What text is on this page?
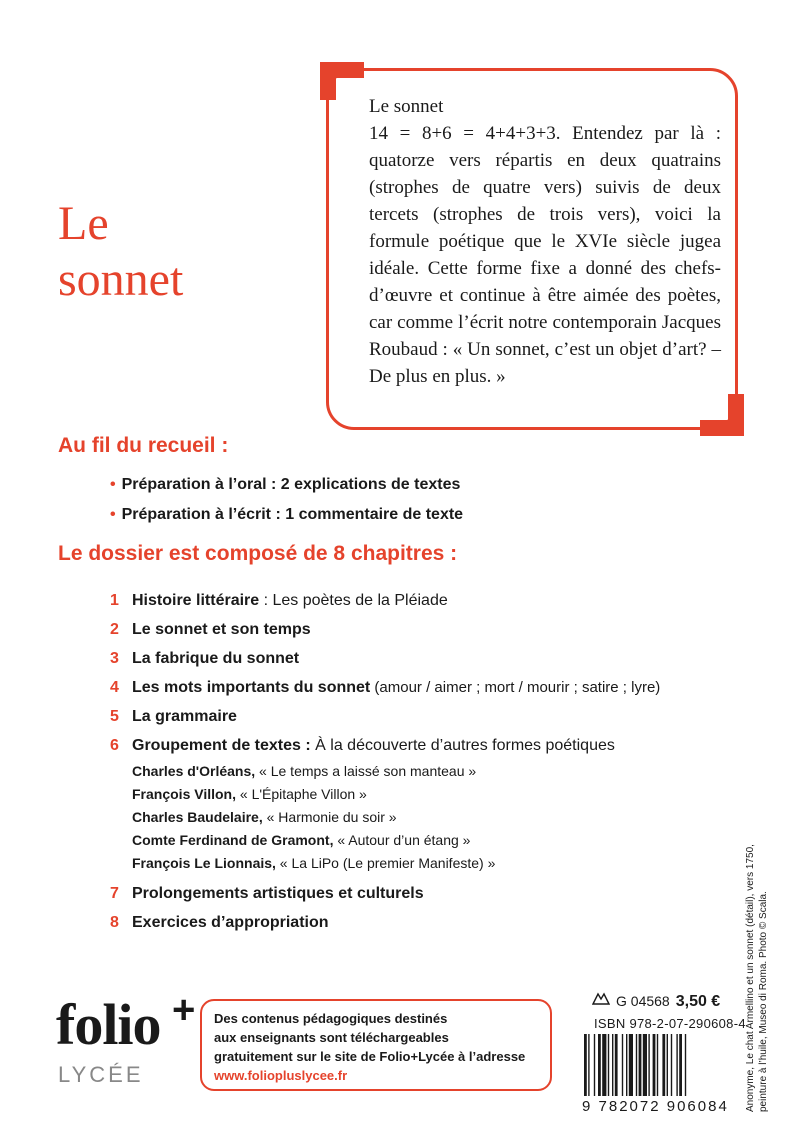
Le
sonnet

Le sonnet

14 = 8+6 = 4+4+3+3. Entendez par là : quatorze vers répartis en deux quatrains (strophes de quatre vers) suivis de deux tercets (strophes de trois vers), voici la formule poétique que le XVIe siècle jugea idéale. Cette forme fixe a donné des chefs-d’œuvre et continue à être aimée des poètes, car comme l’écrit notre contemporain Jacques Roubaud : « Un sonnet, c’est un objet d’art? – De plus en plus. »

Au fil du recueil :
• Préparation à l’oral : 2 explications de textes
• Préparation à l’écrit : 1 commentaire de texte
Le dossier est composé de 8 chapitres :
1 Histoire littéraire : Les poètes de la Pléiade
2 Le sonnet et son temps
3 La fabrique du sonnet
4 Les mots importants du sonnet (amour / aimer ; mort / mourir ; satire ; lyre)
5 La grammaire
6 Groupement de textes : À la découverte d’autres formes poétiques
Charles d'Orléans, « Le temps a laissé son manteau »
François Villon, « L'Épitaphe Villon »
Charles Baudelaire, « Harmonie du soir »
Comte Ferdinand de Gramont, « Autour d’un étang »
François Le Lionnais, « La LiPo (Le premier Manifeste) »
7 Prolongements artistiques et culturels
8 Exercices d’appropriation
folio +
LYCÉE

Des contenus pédagogiques destinés

aux enseignants sont téléchargeables

gratuitement sur le site de Folio+Lycée à l’adresse

www.foliopluslycee.fr

G 04568 3,50 €
ISBN 978-2-07-290608-4
9 782072 906084 Anonyme, Le chat Armellino et un sonnet (détail), vers 1750, peinture à l’huile, Museo di Roma. Photo © Scala.
